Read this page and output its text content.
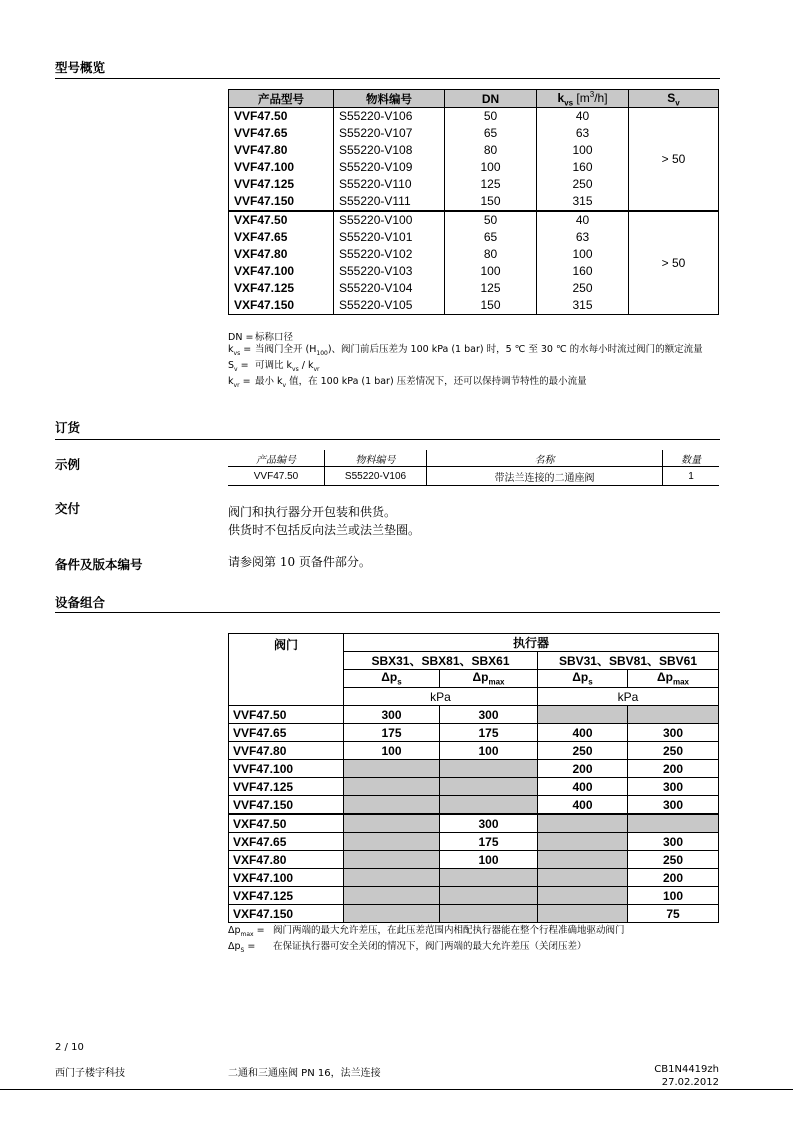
型号概览
产品型号	物料编号	DN	$k_{vs}$ $[m^3/h]$	$S_v$
VVF47.50	S55220-V106	50	40	> 50
VVF47.65	S55220-V107	65	63	
VVF47.80	S55220-V108	80	100	
VVF47.100	S55220-V109	100	160	
VVF47.125	S55220-V110	125	250	
VVF47.150	S55220-V111	150	315	
VXF47.50	S55220-V100	50	40	> 50
VXF47.65	S55220-V101	65	63	
VXF47.80	S55220-V102	80	100	
VXF47.100	S55220-V103	100	160	
VXF47.125	S55220-V104	125	250	
VXF47.150	S55220-V105	150	315	
DN = 标称口径
$k_{vs}$ = 当阀门全开 $(H_{100})$、阀门前后压差为 100 kPa (1 bar) 时，5 ℃ 至 30 ℃ 的水每小时流过阀门的额定流量
$S_v$ = 可调比 $k_{vs} / k_{vr}$
$k_{vr}$ = 最小 $k_v$ 值，在 100 kPa (1 bar) 压差情况下，还可以保持调节特性的最小流量
订货
示例	产品编号	物料编号	名称	数量
VVF47.50	S55220-V106	带法兰连接的二通座阀	1
交付	阀门和执行器分开包装和供货。
供货时不包括反向法兰或法兰垫圈。
备件及版本编号	请参阅第 10 页备件部分。
设备组合
阀门	执行器			
	SBX31、SBX81、SBX61		SBV31、SBV81、SBV61	
	$\Delta p_s$	$\Delta p_{max}$	$\Delta p_s$	$\Delta p_{max}$
	kPa		kPa	
VVF47.50	300	300		
VVF47.65	175	175	400	300
VVF47.80	100	100	250	250
VVF47.100			200	200
VVF47.125			400	300
VVF47.150			400	300
VXF47.50		300		
VXF47.65		175		300
VXF47.80		100		250
VXF47.100				200
VXF47.125				100
VXF47.150				75
$\Delta p_{max}$ = 阀门两端的最大允许差压，在此压差范围内相配执行器能在整个行程准确地驱动阀门
$\Delta p_S$ = 在保证执行器可安全关闭的情况下，阀门两端的最大允许差压（关闭压差）
2 / 10
西门子楼宇科技	二通和三通座阀 PN 16，法兰连接	CB1N4419zh
27.02.2012
